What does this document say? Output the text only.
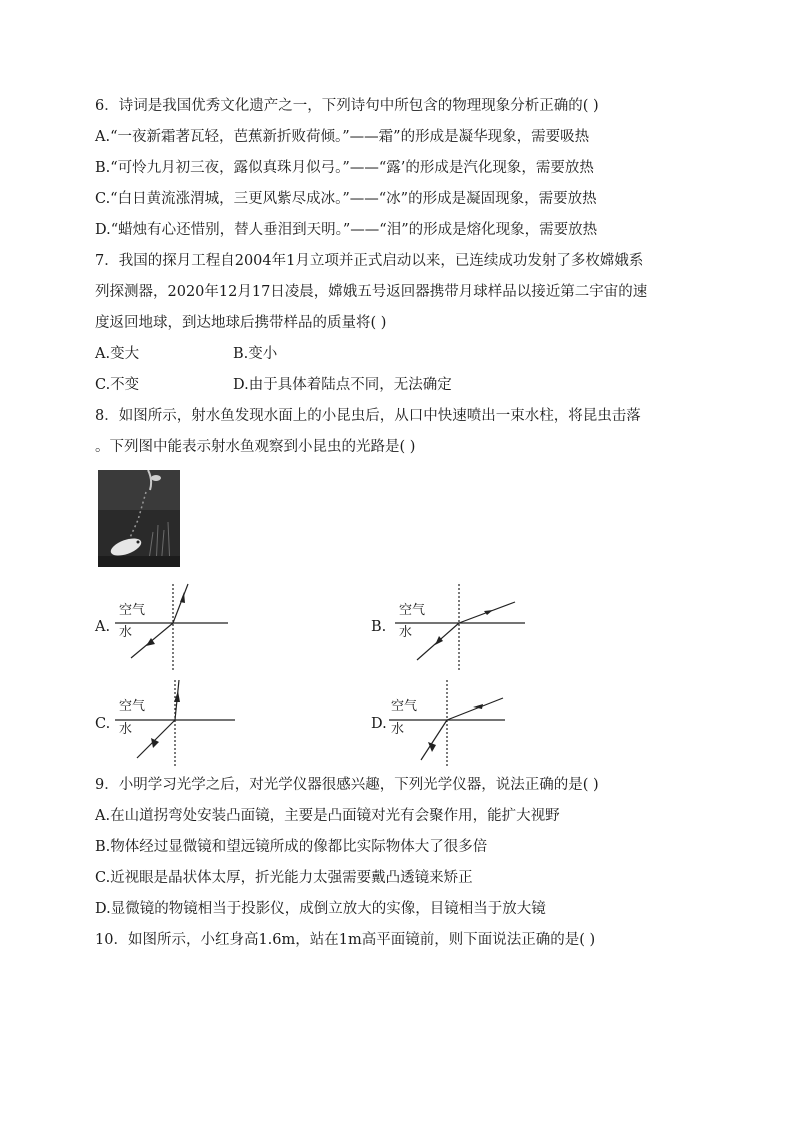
6．诗词是我国优秀文化遗产之一，下列诗句中所包含的物理现象分析正确的( )
A.“一夜新霜著瓦轻，芭蕉新折败荷倾。”——霜”的形成是凝华现象，需要吸热
B.“可怜九月初三夜，露似真珠月似弓。”——“露’的形成是汽化现象，需要放热
C.“白日黄流涨渭城，三更风紫尽成冰。”——“冰”的形成是凝固现象，需要放热
D.“蜡烛有心还惜别，替人垂泪到天明。”——“泪”的形成是熔化现象，需要放热
7．我国的探月工程自2004年1月立项并正式启动以来，已连续成功发射了多枚嫦娥系
列探测器，2020年12月17日凌晨，嫦娥五号返回器携带月球样品以接近第二宇宙的速
度返回地球，到达地球后携带样品的质量将( )
A.变大	B.变小
C.不变	D.由于具体着陆点不同，无法确定
8．如图所示，射水鱼发现水面上的小昆虫后，从口中快速喷出一束水柱，将昆虫击落
。下列图中能表示射水鱼观察到小昆虫的光路是( )
A.
空气
水	B.
空气
水
C.
空气
水	D.
空气
水
9．小明学习光学之后，对光学仪器很感兴趣，下列光学仪器，说法正确的是( )
A.在山道拐弯处安装凸面镜，主要是凸面镜对光有会聚作用，能扩大视野
B.物体经过显微镜和望远镜所成的像都比实际物体大了很多倍
C.近视眼是晶状体太厚，折光能力太强需要戴凸透镜来矫正
D.显微镜的物镜相当于投影仪，成倒立放大的实像，目镜相当于放大镜
10．如图所示，小红身高1.6m，站在1m高平面镜前，则下面说法正确的是( )
